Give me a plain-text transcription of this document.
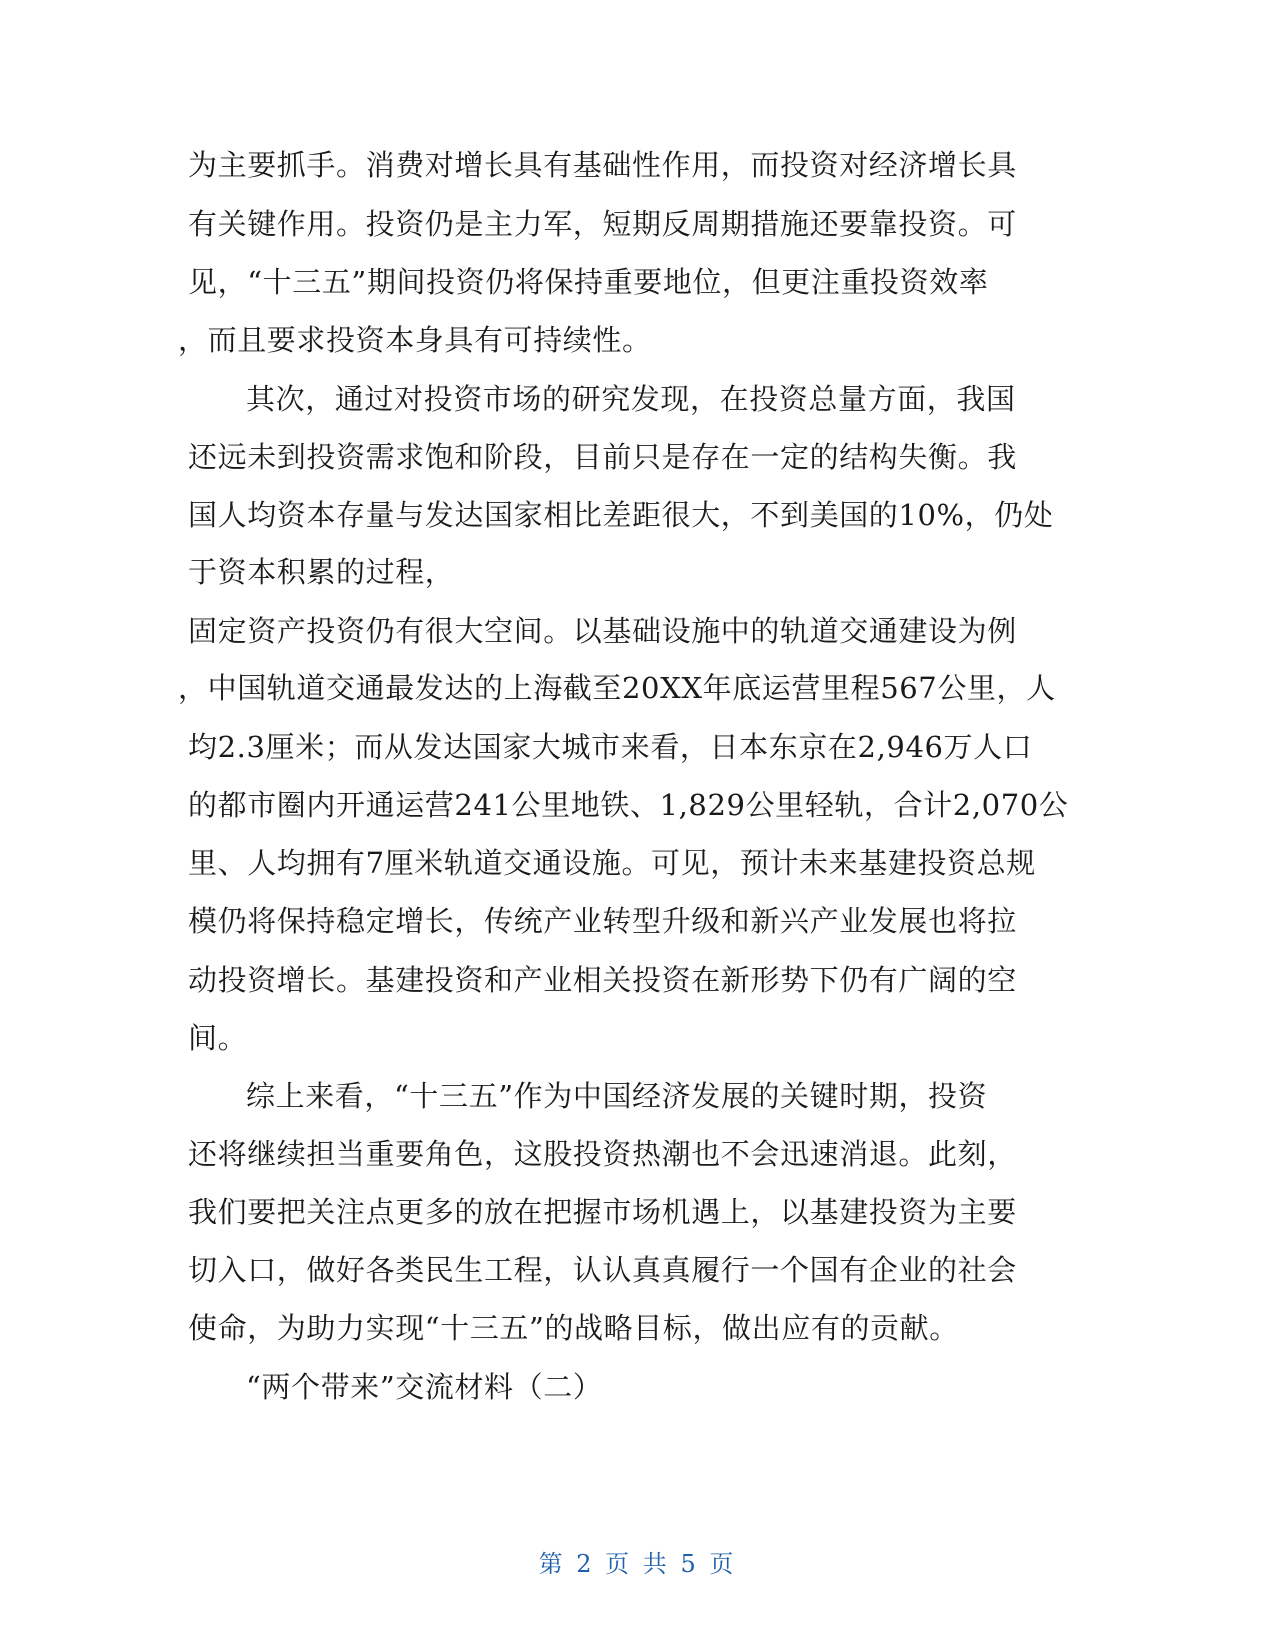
为主要抓手。消费对增长具有基础性作用，而投资对经济增长具
有关键作用。投资仍是主力军，短期反周期措施还要靠投资。可
见，“十三五”期间投资仍将保持重要地位，但更注重投资效率
，而且要求投资本身具有可持续性。
其次，通过对投资市场的研究发现，在投资总量方面，我国
还远未到投资需求饱和阶段，目前只是存在一定的结构失衡。我
国人均资本存量与发达国家相比差距很大，不到美国的10%，仍处
于资本积累的过程，
固定资产投资仍有很大空间。以基础设施中的轨道交通建设为例
，中国轨道交通最发达的上海截至20XX年底运营里程567公里，人
均2.3厘米；而从发达国家大城市来看，日本东京在2,946万人口
的都市圈内开通运营241公里地铁、1,829公里轻轨，合计2,070公
里、人均拥有7厘米轨道交通设施。可见，预计未来基建投资总规
模仍将保持稳定增长，传统产业转型升级和新兴产业发展也将拉
动投资增长。基建投资和产业相关投资在新形势下仍有广阔的空
间。
综上来看，“十三五”作为中国经济发展的关键时期，投资
还将继续担当重要角色，这股投资热潮也不会迅速消退。此刻，
我们要把关注点更多的放在把握市场机遇上，以基建投资为主要
切入口，做好各类民生工程，认认真真履行一个国有企业的社会
使命，为助力实现“十三五”的战略目标，做出应有的贡献。
“两个带来”交流材料（二）
第 2 页 共 5 页
